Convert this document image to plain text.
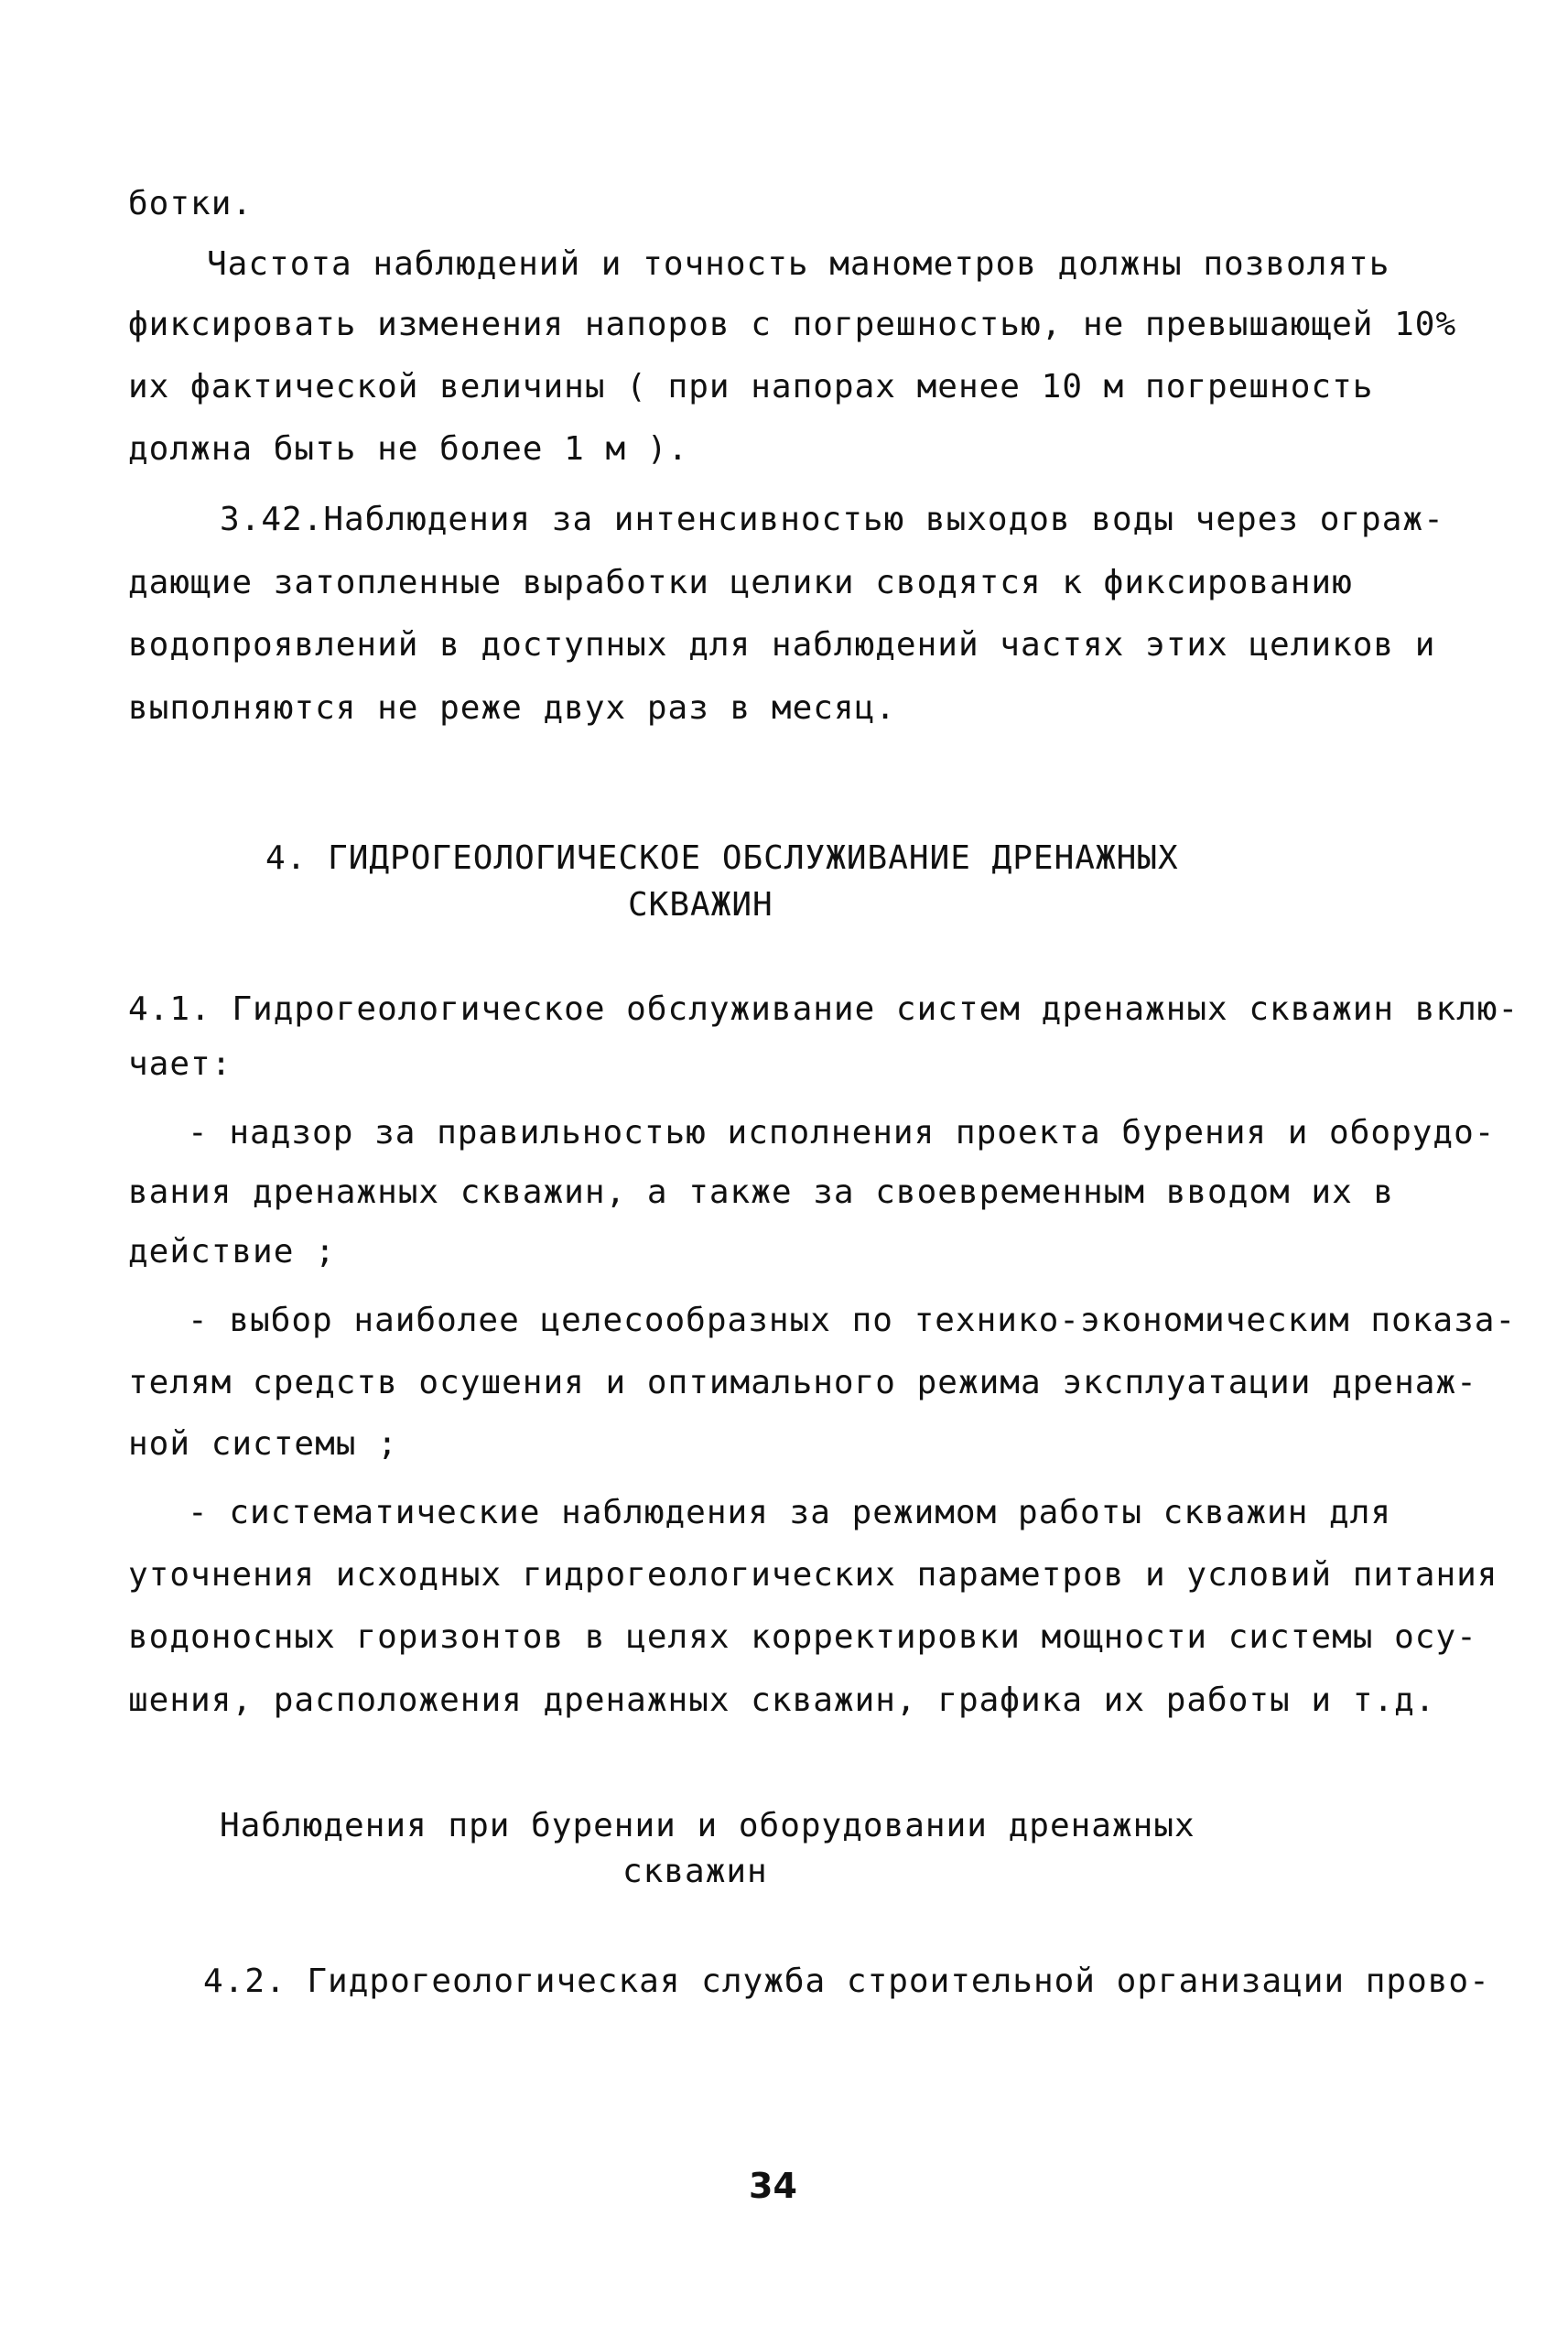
ботки.
Частота наблюдений и точность манометров должны позволять
фиксировать изменения напоров с погрешностью, не превышающей 10%
их фактической величины ( при напорах менее 10 м погрешность
должна быть не более 1 м ).
3.42.Наблюдения за интенсивностью выходов воды через ограж-
дающие затопленные выработки целики сводятся к фиксированию
водопроявлений в доступных для наблюдений частях этих целиков и
выполняются не реже двух раз в месяц.
4. ГИДРОГЕОЛОГИЧЕСКОЕ ОБСЛУЖИВАНИЕ ДРЕНАЖНЫХ
СКВАЖИН
4.1. Гидрогеологическое обслуживание систем дренажных скважин вклю-
чает:
- надзор за правильностью исполнения проекта бурения и оборудо-
вания дренажных скважин, а также за своевременным вводом их в
действие ;
- выбор наиболее целесообразных по технико-экономическим показа-
телям средств осушения и оптимального режима эксплуатации дренаж-
ной системы ;
- систематические наблюдения за режимом работы скважин для
уточнения исходных гидрогеологических параметров и условий питания
водоносных горизонтов в целях корректировки мощности системы осу-
шения, расположения дренажных скважин, графика их работы и т.д.
Наблюдения при бурении и оборудовании дренажных
скважин
4.2. Гидрогеологическая служба строительной организации прово-
34
